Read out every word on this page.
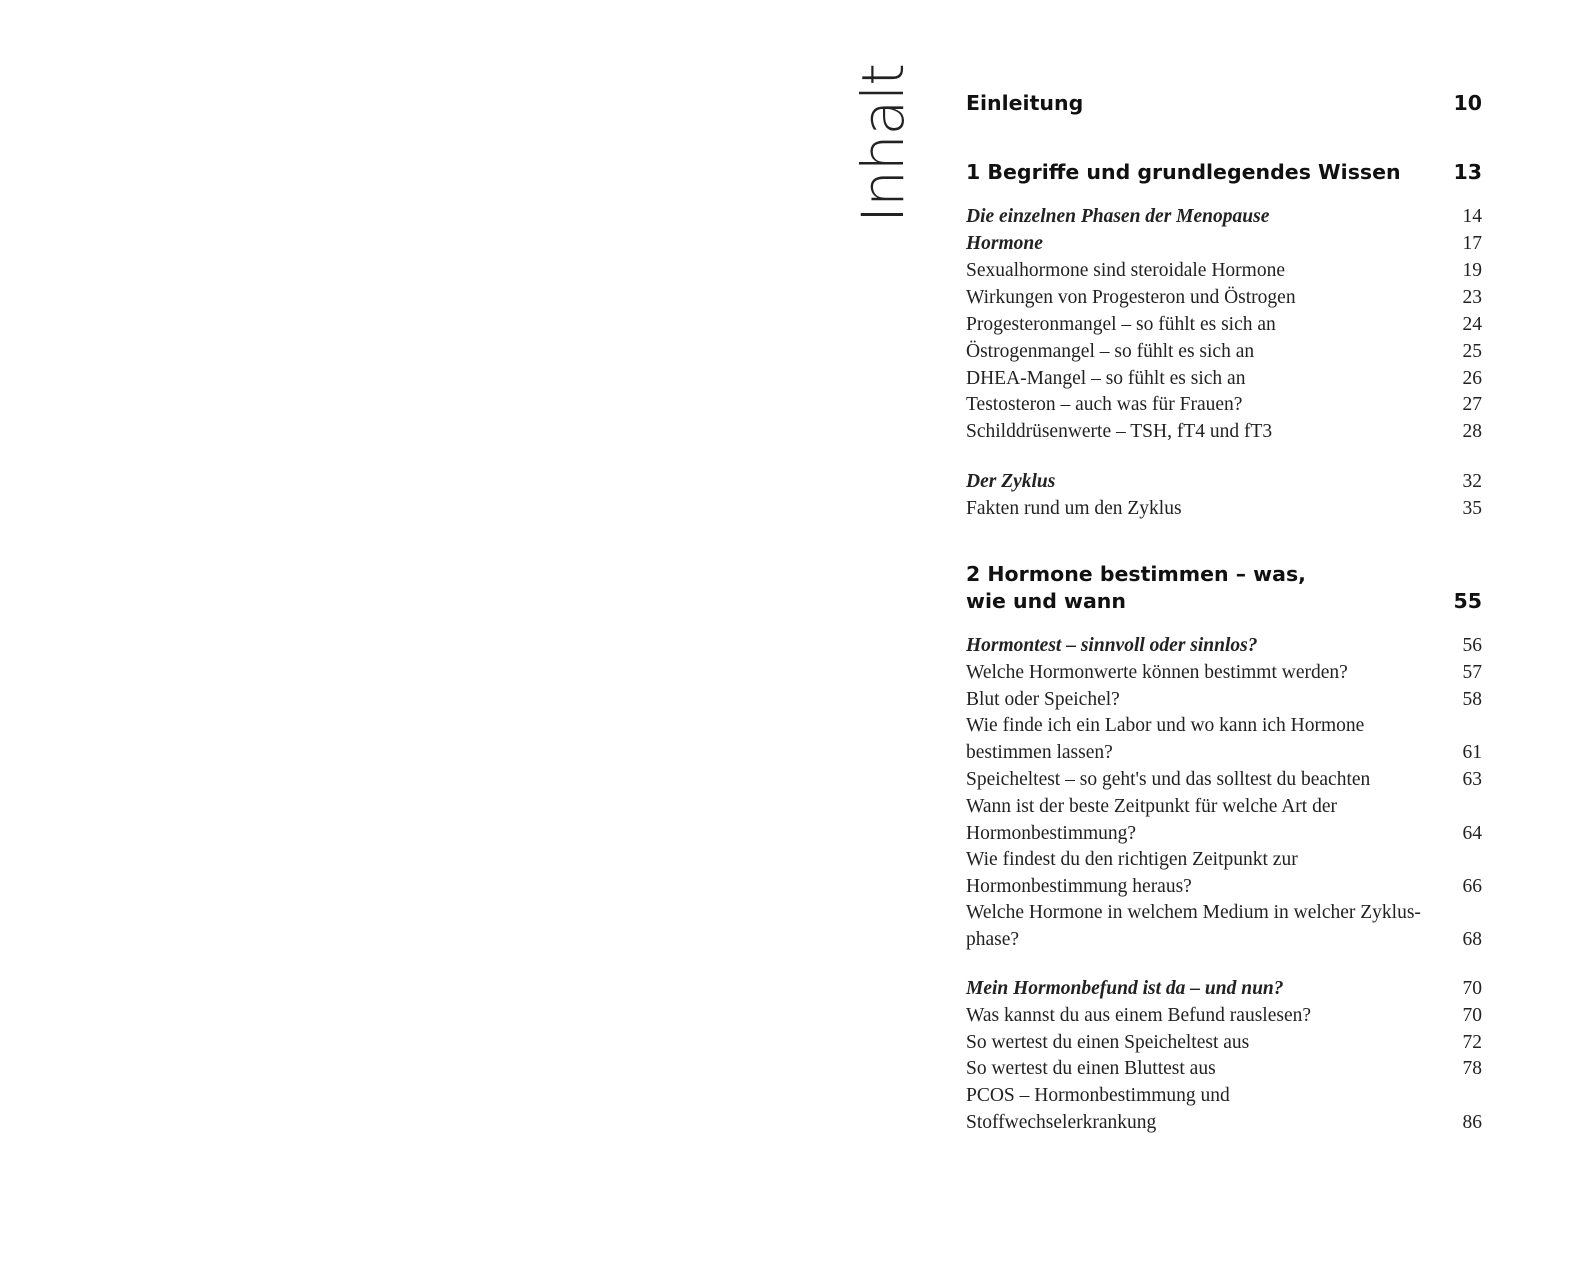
Inhalt Einleitung	10
1 Begriffe und grundlegendes Wissen	13
Die einzelnen Phasen der Menopause	14
Hormone	17
Sexualhormone sind steroidale Hormone	19
Wirkungen von Progesteron und Östrogen	23
Progesteronmangel – so fühlt es sich an	24
Östrogenmangel – so fühlt es sich an	25
DHEA-Mangel – so fühlt es sich an	26
Testosteron – auch was für Frauen?	27
Schilddrüsenwerte – TSH, fT4 und fT3	28
Der Zyklus	32
Fakten rund um den Zyklus	35
2 Hormone bestimmen – was,
wie und wann	55
Hormontest – sinnvoll oder sinnlos?	56
Welche Hormonwerte können bestimmt werden?	57
Blut oder Speichel?	58
Wie finde ich ein Labor und wo kann ich Hormone
bestimmen lassen?	61
Speicheltest – so geht's und das solltest du beachten	63
Wann ist der beste Zeitpunkt für welche Art der
Hormonbestimmung?	64
Wie findest du den richtigen Zeitpunkt zur
Hormonbestimmung heraus?	66
Welche Hormone in welchem Medium in welcher Zyklus-
phase?	68
Mein Hormonbefund ist da – und nun?	70
Was kannst du aus einem Befund rauslesen?	70
So wertest du einen Speicheltest aus	72
So wertest du einen Bluttest aus	78
PCOS – Hormonbestimmung und
Stoffwechselerkrankung	86
